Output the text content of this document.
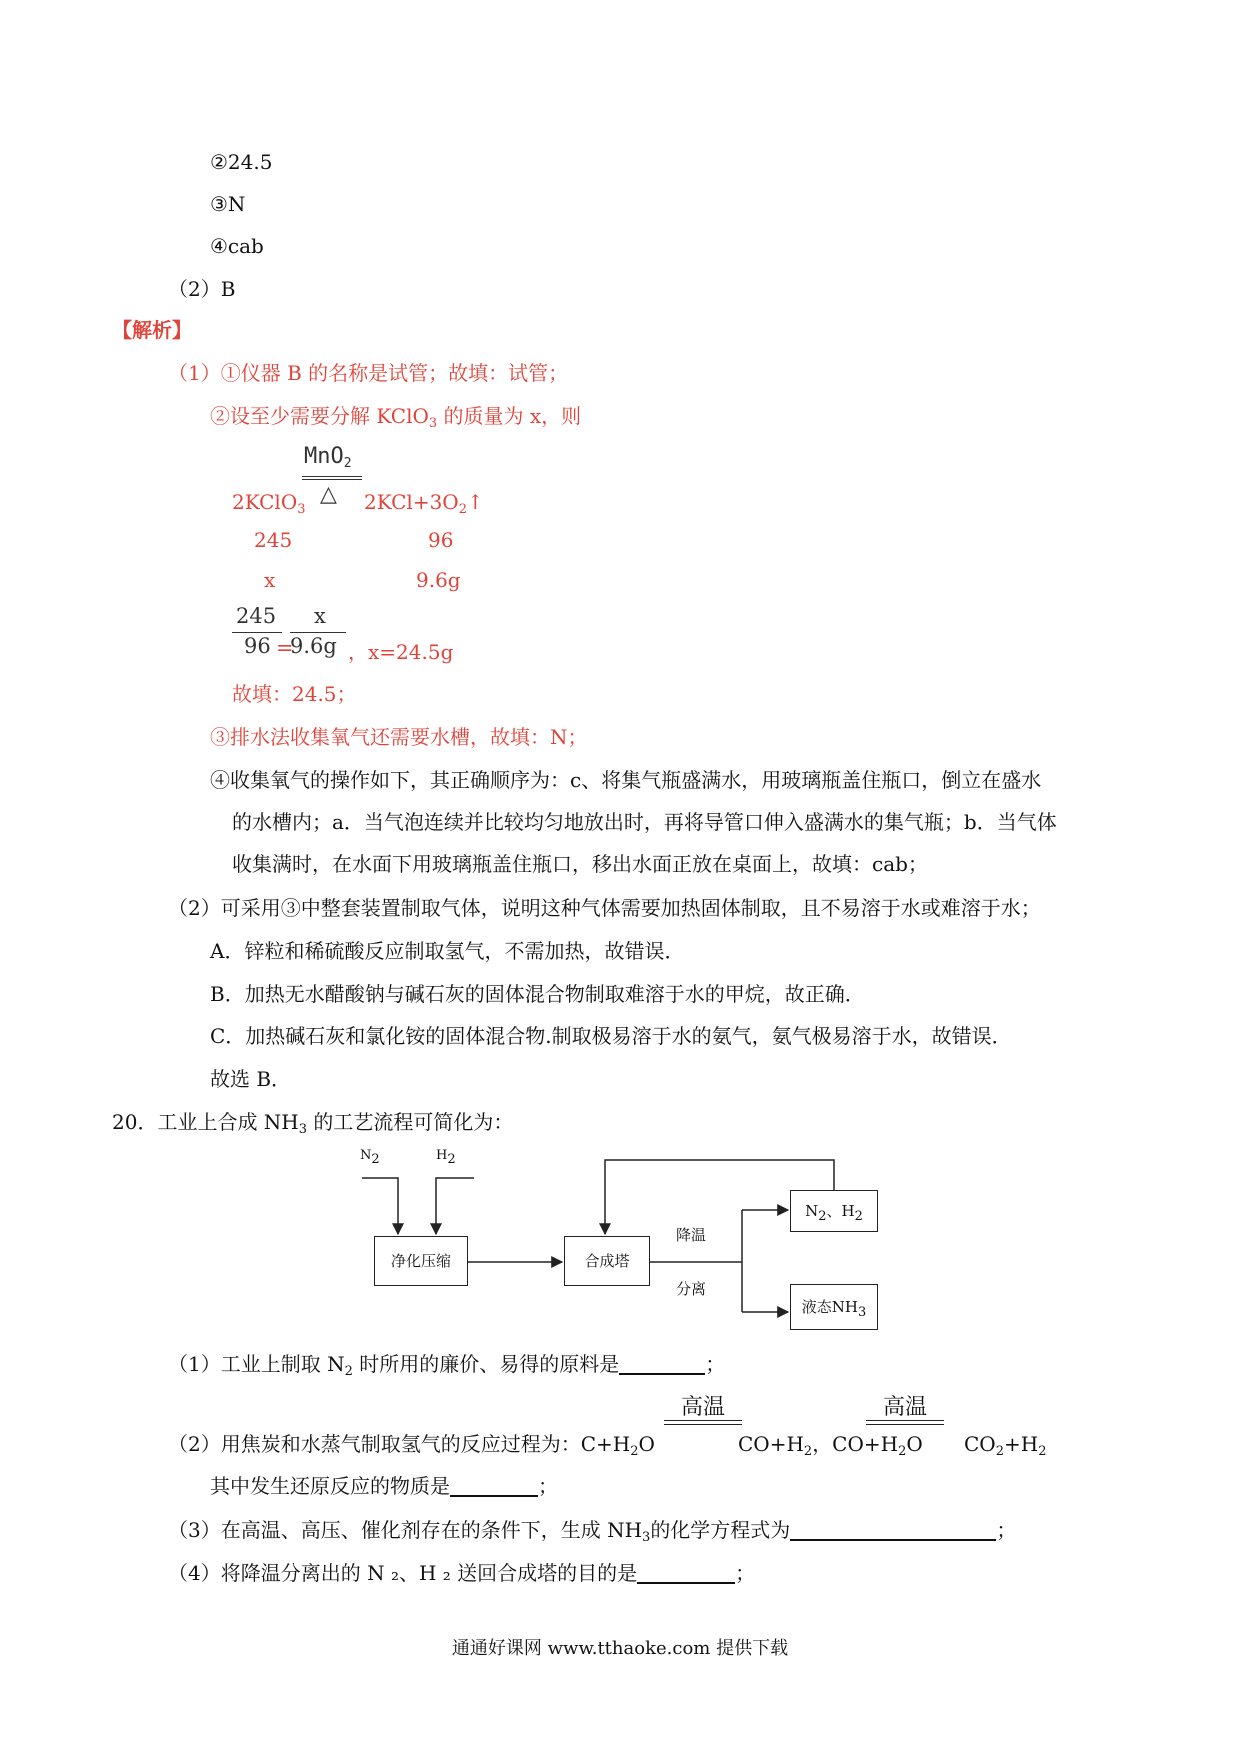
②24.5
③N
④cab
（2）B
【解析】
（1）①仪器 B 的名称是试管；故填：试管；
②设至少需要分解 KClO$_3$ 的质量为 x，则
MnO$_2$
△
2KClO$_3$	$2KCl+3O_2↑$
245	96
x	9.6g
245
96 =
x
9.6g ，x=24.5g
故填：24.5；
③排水法收集氧气还需要水槽，故填：N；
④收集氧气的操作如下，其正确顺序为：c、将集气瓶盛满水，用玻璃瓶盖住瓶口，倒立在盛水
的水槽内；a．当气泡连续并比较均匀地放出时，再将导管口伸入盛满水的集气瓶；b．当气体
收集满时，在水面下用玻璃瓶盖住瓶口，移出水面正放在桌面上，故填：cab；
（2）可采用③中整套装置制取气体，说明这种气体需要加热固体制取，且不易溶于水或难溶于水；
A．锌粒和稀硫酸反应制取氢气，不需加热，故错误．
B．加热无水醋酸钠与碱石灰的固体混合物制取难溶于水的甲烷，故正确．
C．加热碱石灰和氯化铵的固体混合物.制取极易溶于水的氨气，氨气极易溶于水，故错误．
故选 B．
20．工业上合成 $NH_3$ 的工艺流程可简化为：
N2	H2
净化压缩	合成塔
降温
分离
N2、H2
液态NH3
（1）工业上制取 $N_2$ 时所用的廉价、易得的原料是	；
高温	高温
（2）用焦炭和水蒸气制取氢气的反应过程为：$C+H_2O$	$CO+H_2$，$CO+H_2O$ $CO_2+H_2$
其中发生还原反应的物质是	；
（3）在高温、高压、催化剂存在的条件下，生成 $NH_3$的化学方程式为	；
（4）将降温分离出的 N ₂、H ₂ 送回合成塔的目的是	；
通通好课网 www.tthaoke.com 提供下载
